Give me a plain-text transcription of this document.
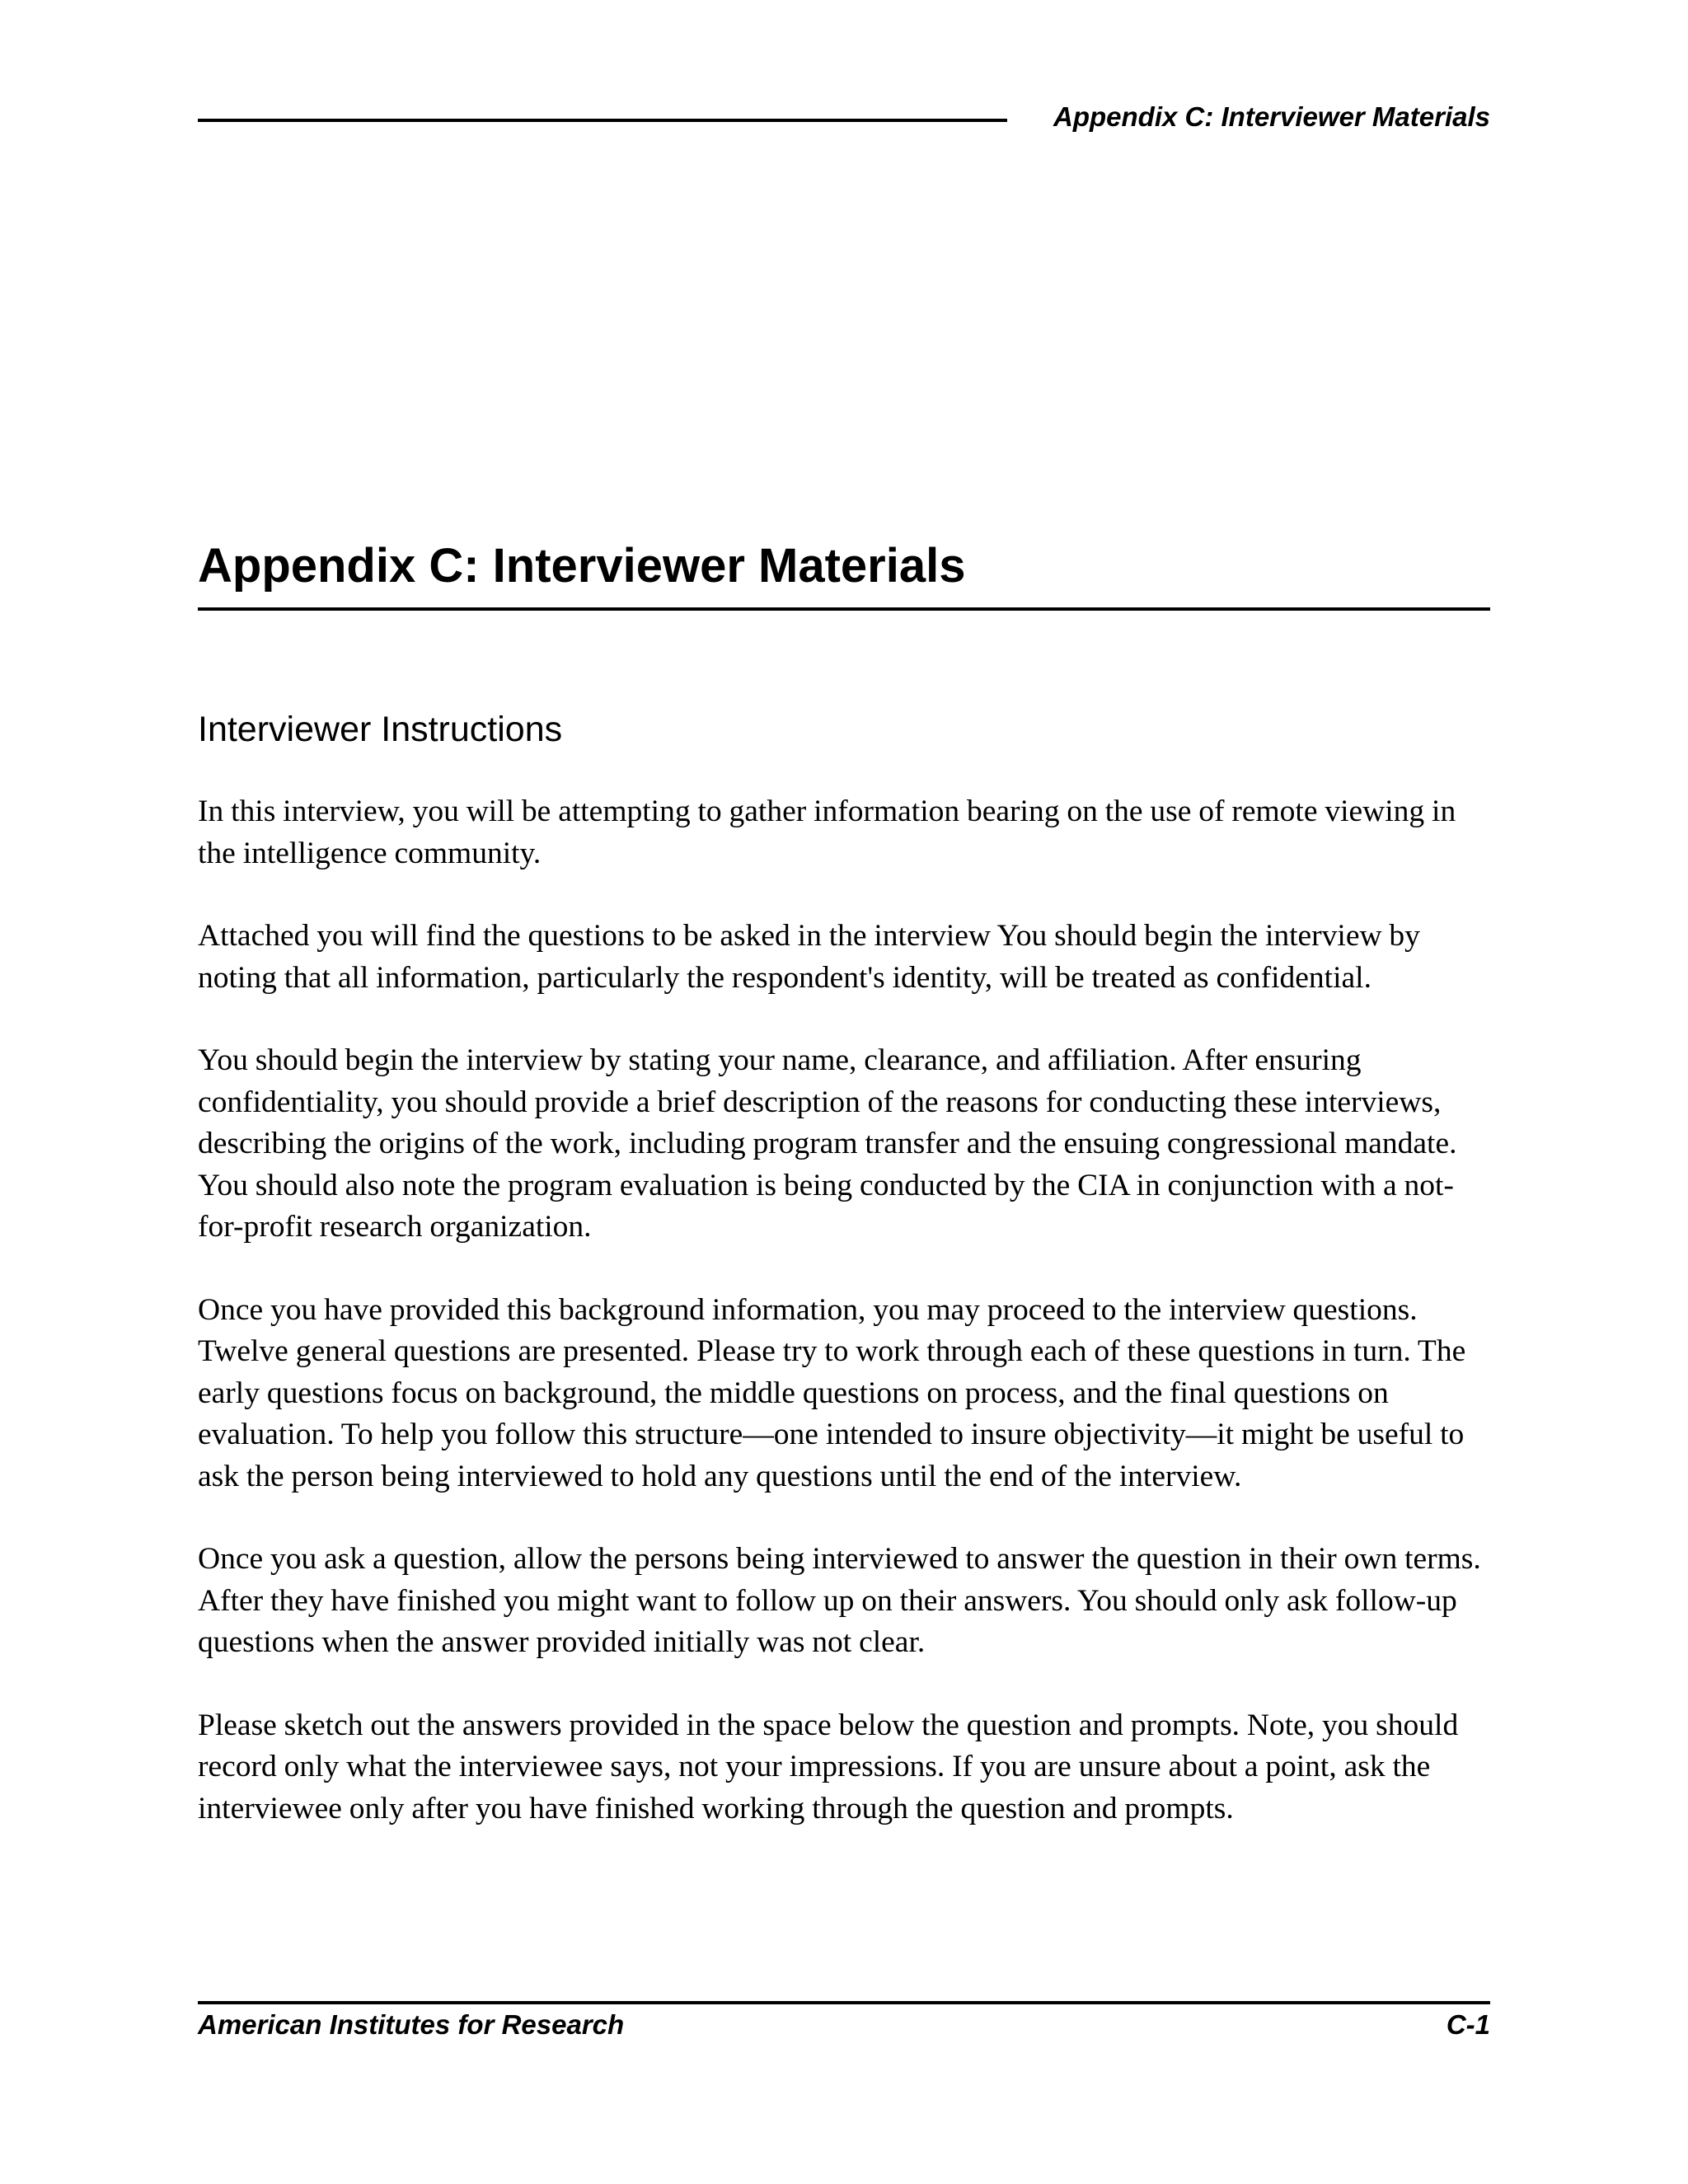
Appendix C: Interviewer Materials
Appendix C: Interviewer Materials
Interviewer Instructions

In this interview, you will be attempting to gather information bearing on the use of remote viewing in the intelligence community.

Attached you will find the questions to be asked in the interview You should begin the interview by noting that all information, particularly the respondent's identity, will be treated as confidential.

You should begin the interview by stating your name, clearance, and affiliation. After ensuring confidentiality, you should provide a brief description of the reasons for conducting these interviews, describing the origins of the work, including program transfer and the ensuing congressional mandate. You should also note the program evaluation is being conducted by the CIA in conjunction with a not-for-profit research organization.

Once you have provided this background information, you may proceed to the interview questions. Twelve general questions are presented. Please try to work through each of these questions in turn. The early questions focus on background, the middle questions on process, and the final questions on evaluation. To help you follow this structure—one intended to insure objectivity—it might be useful to ask the person being interviewed to hold any questions until the end of the interview.

Once you ask a question, allow the persons being interviewed to answer the question in their own terms. After they have finished you might want to follow up on their answers. You should only ask follow-up questions when the answer provided initially was not clear.

Please sketch out the answers provided in the space below the question and prompts. Note, you should record only what the interviewee says, not your impressions. If you are unsure about a point, ask the interviewee only after you have finished working through the question and prompts.

American Institutes for Research	C-1
